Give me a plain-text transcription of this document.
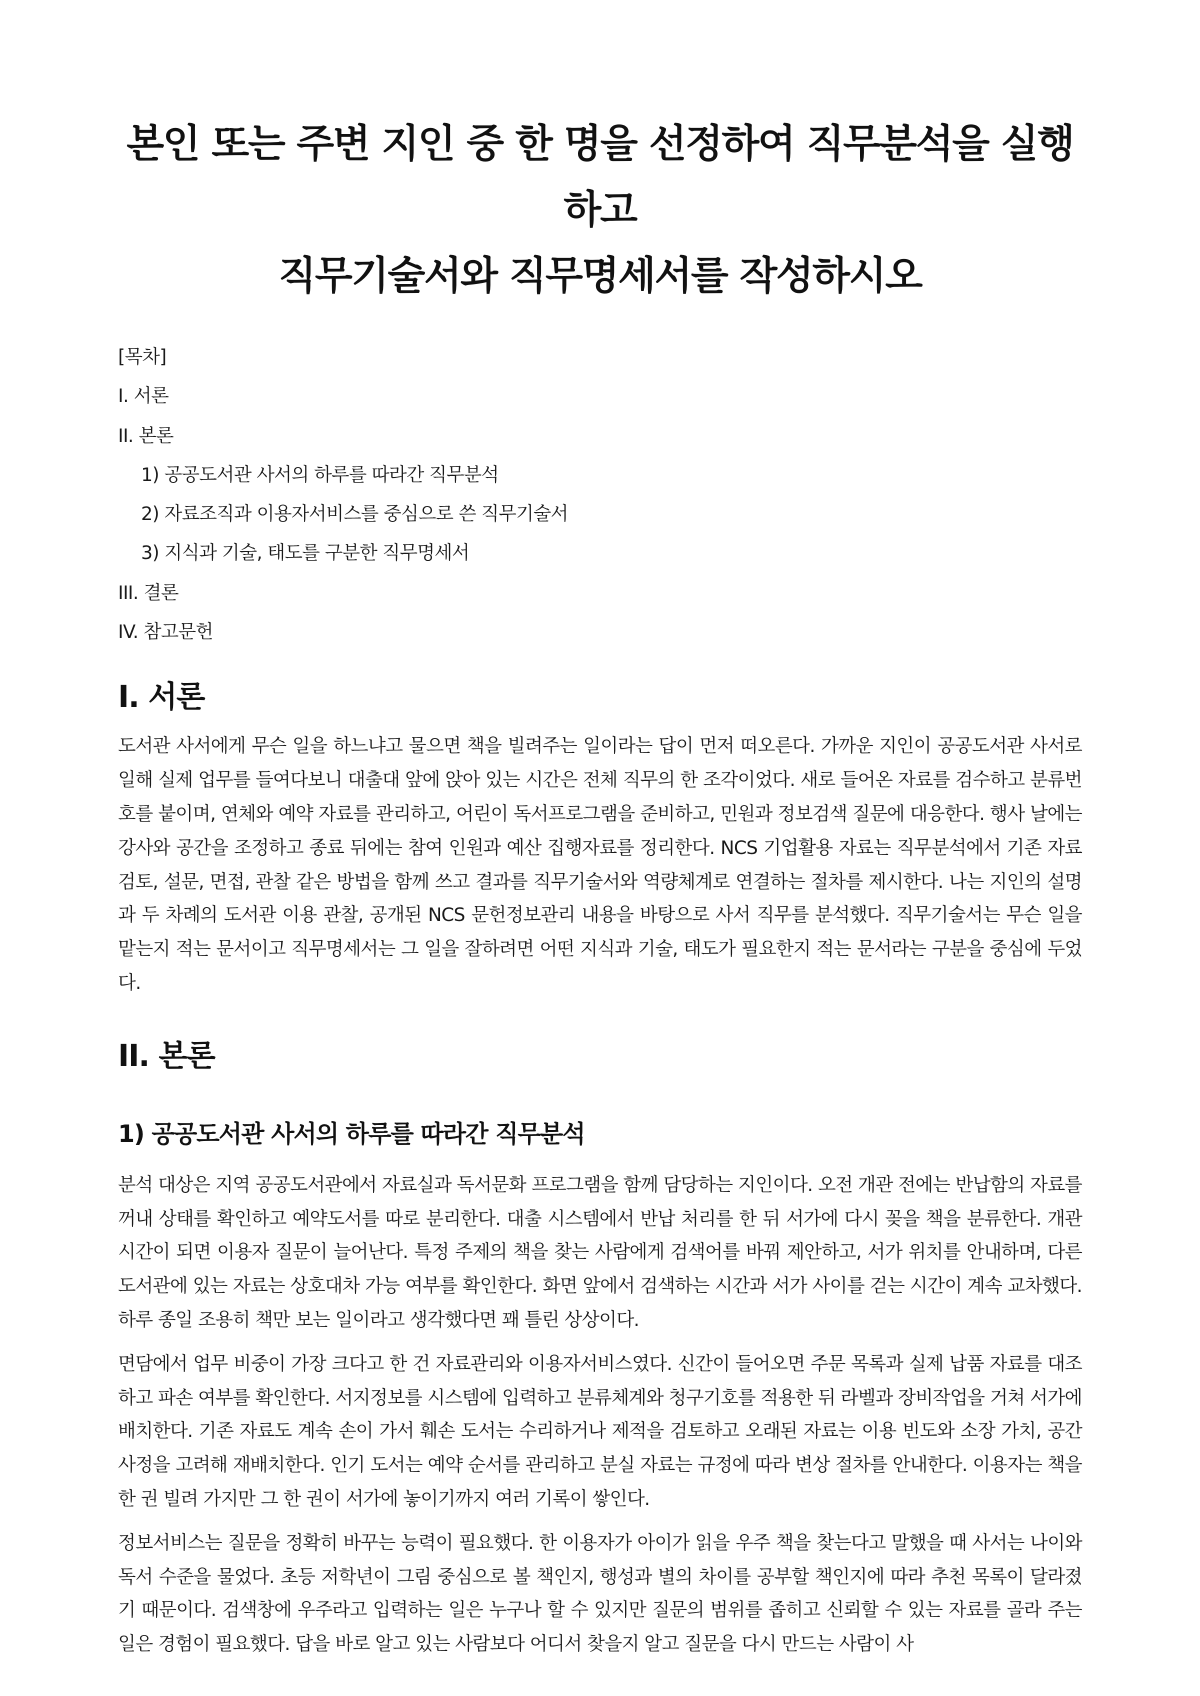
본인 또는 주변 지인 중 한 명을 선정하여 직무분석을 실행하고
직무기술서와 직무명세서를 작성하시오
[목차]
I. 서론
II. 본론
1) 공공도서관 사서의 하루를 따라간 직무분석
2) 자료조직과 이용자서비스를 중심으로 쓴 직무기술서
3) 지식과 기술, 태도를 구분한 직무명세서
III. 결론
IV. 참고문헌
I. 서론

도서관 사서에게 무슨 일을 하느냐고 물으면 책을 빌려주는 일이라는 답이 먼저 떠오른다. 가까운 지인이 공공도서관 사서로 일해 실제 업무를 들여다보니 대출대 앞에 앉아 있는 시간은 전체 직무의 한 조각이었다. 새로 들어온 자료를 검수하고 분류번호를 붙이며, 연체와 예약 자료를 관리하고, 어린이 독서프로그램을 준비하고, 민원과 정보검색 질문에 대응한다. 행사 날에는 강사와 공간을 조정하고 종료 뒤에는 참여 인원과 예산 집행자료를 정리한다. NCS 기업활용 자료는 직무분석에서 기존 자료 검토, 설문, 면접, 관찰 같은 방법을 함께 쓰고 결과를 직무기술서와 역량체계로 연결하는 절차를 제시한다. 나는 지인의 설명과 두 차례의 도서관 이용 관찰, 공개된 NCS 문헌정보관리 내용을 바탕으로 사서 직무를 분석했다. 직무기술서는 무슨 일을 맡는지 적는 문서이고 직무명세서는 그 일을 잘하려면 어떤 지식과 기술, 태도가 필요한지 적는 문서라는 구분을 중심에 두었다.

II. 본론
1) 공공도서관 사서의 하루를 따라간 직무분석

분석 대상은 지역 공공도서관에서 자료실과 독서문화 프로그램을 함께 담당하는 지인이다. 오전 개관 전에는 반납함의 자료를 꺼내 상태를 확인하고 예약도서를 따로 분리한다. 대출 시스템에서 반납 처리를 한 뒤 서가에 다시 꽂을 책을 분류한다. 개관 시간이 되면 이용자 질문이 늘어난다. 특정 주제의 책을 찾는 사람에게 검색어를 바꿔 제안하고, 서가 위치를 안내하며, 다른 도서관에 있는 자료는 상호대차 가능 여부를 확인한다. 화면 앞에서 검색하는 시간과 서가 사이를 걷는 시간이 계속 교차했다. 하루 종일 조용히 책만 보는 일이라고 생각했다면 꽤 틀린 상상이다.

면담에서 업무 비중이 가장 크다고 한 건 자료관리와 이용자서비스였다. 신간이 들어오면 주문 목록과 실제 납품 자료를 대조하고 파손 여부를 확인한다. 서지정보를 시스템에 입력하고 분류체계와 청구기호를 적용한 뒤 라벨과 장비작업을 거쳐 서가에 배치한다. 기존 자료도 계속 손이 가서 훼손 도서는 수리하거나 제적을 검토하고 오래된 자료는 이용 빈도와 소장 가치, 공간 사정을 고려해 재배치한다. 인기 도서는 예약 순서를 관리하고 분실 자료는 규정에 따라 변상 절차를 안내한다. 이용자는 책을 한 권 빌려 가지만 그 한 권이 서가에 놓이기까지 여러 기록이 쌓인다.

정보서비스는 질문을 정확히 바꾸는 능력이 필요했다. 한 이용자가 아이가 읽을 우주 책을 찾는다고 말했을 때 사서는 나이와 독서 수준을 물었다. 초등 저학년이 그림 중심으로 볼 책인지, 행성과 별의 차이를 공부할 책인지에 따라 추천 목록이 달라졌기 때문이다. 검색창에 우주라고 입력하는 일은 누구나 할 수 있지만 질문의 범위를 좁히고 신뢰할 수 있는 자료를 골라 주는 일은 경험이 필요했다. 답을 바로 알고 있는 사람보다 어디서 찾을지 알고 질문을 다시 만드는 사람이 사
